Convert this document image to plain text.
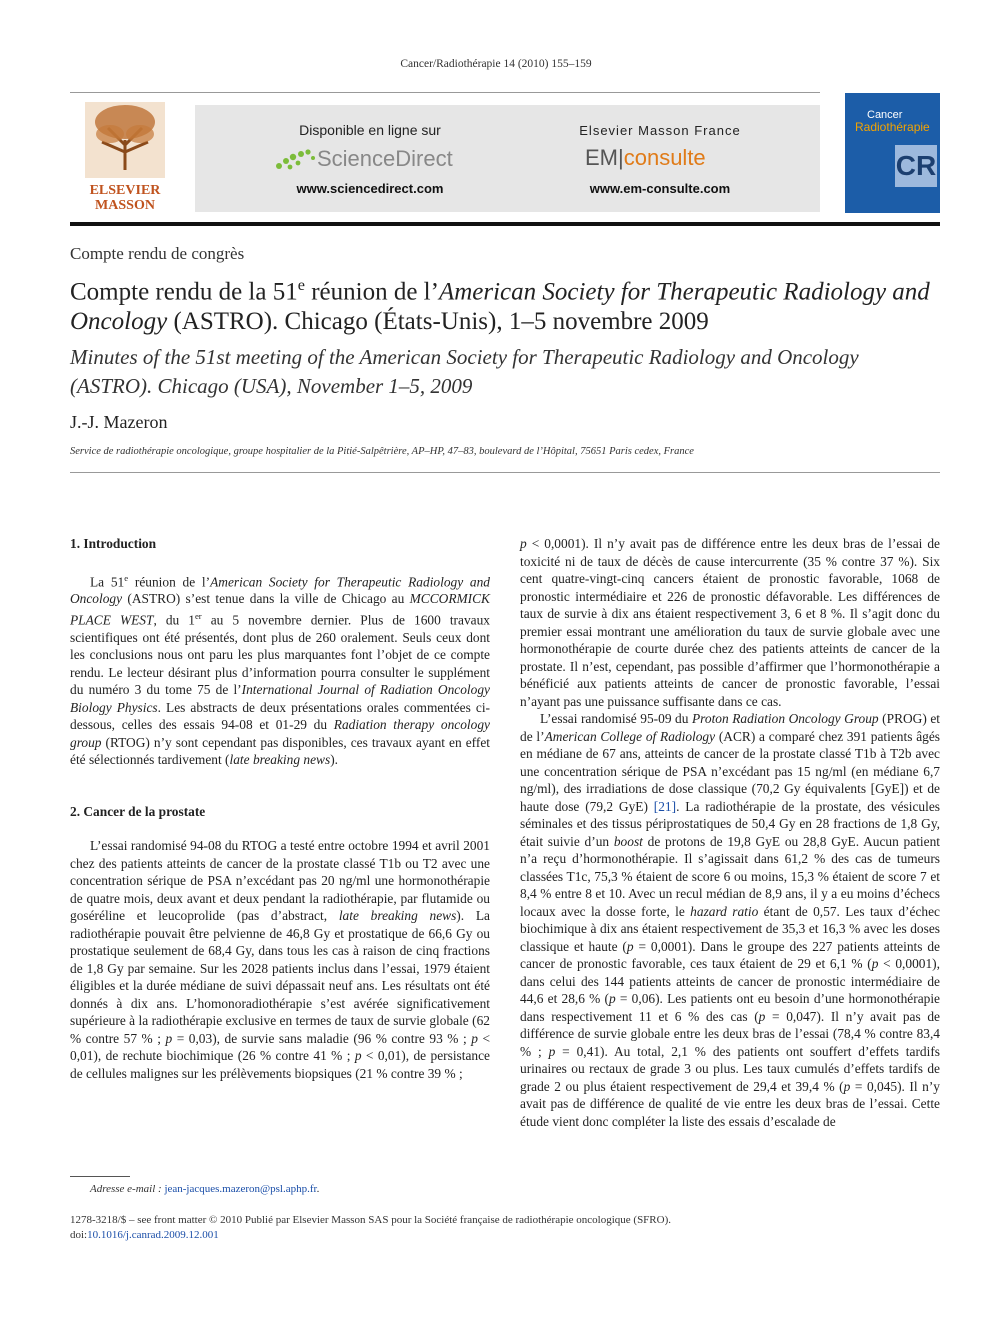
Cancer/Radiothérapie 14 (2010) 155–159
ELSEVIER
MASSON
Disponible en ligne sur
ScienceDirect
www.sciencedirect.com
Elsevier Masson France
EM|consulte
www.em-consulte.com
Cancer
Radiothérapie
CR
Compte rendu de congrès
Compte rendu de la 51e réunion de l’American Society for Therapeutic Radiology and Oncology (ASTRO). Chicago (États-Unis), 1–5 novembre 2009
Minutes of the 51st meeting of the American Society for Therapeutic Radiology and Oncology (ASTRO). Chicago (USA), November 1–5, 2009
J.-J. Mazeron
Service de radiothérapie oncologique, groupe hospitalier de la Pitié-Salpêtrière, AP–HP, 47–83, boulevard de l’Hôpital, 75651 Paris cedex, France
1. Introduction

La 51e réunion de l’American Society for Therapeutic Radiology and Oncology (ASTRO) s’est tenue dans la ville de Chicago au MCCORMICK PLACE WEST, du 1er au 5 novembre dernier. Plus de 1600 travaux scientifiques ont été présentés, dont plus de 260 oralement. Seuls ceux dont les conclusions nous ont paru les plus marquantes font l’objet de ce compte rendu. Le lecteur désirant plus d’information pourra consulter le supplément du numéro 3 du tome 75 de l’International Journal of Radiation Oncology Biology Physics. Les abstracts de deux présentations orales commentées ci-dessous, celles des essais 94-08 et 01-29 du Radiation therapy oncology group (RTOG) n’y sont cependant pas disponibles, ces travaux ayant en effet été sélectionnés tardivement (late breaking news).

2. Cancer de la prostate

L’essai randomisé 94-08 du RTOG a testé entre octobre 1994 et avril 2001 chez des patients atteints de cancer de la prostate classé T1b ou T2 avec une concentration sérique de PSA n’excédant pas 20 ng/ml une hormonothérapie de quatre mois, deux avant et deux pendant la radiothérapie, par flutamide ou goséréline et leucoprolide (pas d’abstract, late breaking news). La radiothérapie pouvait être pelvienne de 46,8 Gy et prostatique de 66,6 Gy ou prostatique seulement de 68,4 Gy, dans tous les cas à raison de cinq fractions de 1,8 Gy par semaine. Sur les 2028 patients inclus dans l’essai, 1979 étaient éligibles et la durée médiane de suivi dépassait neuf ans. Les résultats ont été donnés à dix ans. L’homonoradiothérapie s’est avérée significativement supérieure à la radiothérapie exclusive en termes de taux de survie globale (62 % contre 57 % ; p = 0,03), de survie sans maladie (96 % contre 93 % ; p < 0,01), de rechute biochimique (26 % contre 41 % ; p < 0,01), de persistance de cellules malignes sur les prélèvements biopsiques (21 % contre 39 % ;

p < 0,0001). Il n’y avait pas de différence entre les deux bras de l’essai de toxicité ni de taux de décès de cause intercurrente (35 % contre 37 %). Six cent quatre-vingt-cinq cancers étaient de pronostic favorable, 1068 de pronostic intermédiaire et 226 de pronostic défavorable. Les différences de taux de survie à dix ans étaient respectivement 3, 6 et 8 %. Il s’agit donc du premier essai montrant une amélioration du taux de survie globale avec une hormonothérapie de courte durée chez des patients atteints de cancer de la prostate. Il n’est, cependant, pas possible d’affirmer que l’hormonothérapie a bénéficié aux patients atteints de cancer de pronostic favorable, l’essai n’ayant pas une puissance suffisante dans ce cas.

L’essai randomisé 95-09 du Proton Radiation Oncology Group (PROG) et de l’American College of Radiology (ACR) a comparé chez 391 patients âgés en médiane de 67 ans, atteints de cancer de la prostate classé T1b à T2b avec une concentration sérique de PSA n’excédant pas 15 ng/ml (en médiane 6,7 ng/ml), des irradiations de dose classique (70,2 Gy équivalents [GyE]) et de haute dose (79,2 GyE) [21]. La radiothérapie de la prostate, des vésicules séminales et des tissus périprostatiques de 50,4 Gy en 28 fractions de 1,8 Gy, était suivie d’un boost de protons de 19,8 GyE ou 28,8 GyE. Aucun patient n’a reçu d’hormonothérapie. Il s’agissait dans 61,2 % des cas de tumeurs classées T1c, 75,3 % étaient de score 6 ou moins, 15,3 % étaient de score 7 et 8,4 % entre 8 et 10. Avec un recul médian de 8,9 ans, il y a eu moins d’échecs locaux avec la dosse forte, le hazard ratio étant de 0,57. Les taux d’échec biochimique à dix ans étaient respectivement de 35,3 et 16,3 % avec les doses classique et haute (p = 0,0001). Dans le groupe des 227 patients atteints de cancer de pronostic favorable, ces taux étaient de 29 et 6,1 % (p < 0,0001), dans celui des 144 patients atteints de cancer de pronostic intermédiaire de 44,6 et 28,6 % (p = 0,06). Les patients ont eu besoin d’une hormonothérapie dans respectivement 11 et 6 % des cas (p = 0,047). Il n’y avait pas de différence de survie globale entre les deux bras de l’essai (78,4 % contre 83,4 % ; p = 0,41). Au total, 2,1 % des patients ont souffert d’effets tardifs urinaires ou rectaux de grade 3 ou plus. Les taux cumulés d’effets tardifs de grade 2 ou plus étaient respectivement de 29,4 et 39,4 % (p = 0,045). Il n’y avait pas de différence de qualité de vie entre les deux bras de l’essai. Cette étude vient donc compléter la liste des essais d’escalade de

Adresse e-mail : jean-jacques.mazeron@psl.aphp.fr.
1278-3218/$ – see front matter © 2010 Publié par Elsevier Masson SAS pour la Société française de radiothérapie oncologique (SFRO).
doi:10.1016/j.canrad.2009.12.001
